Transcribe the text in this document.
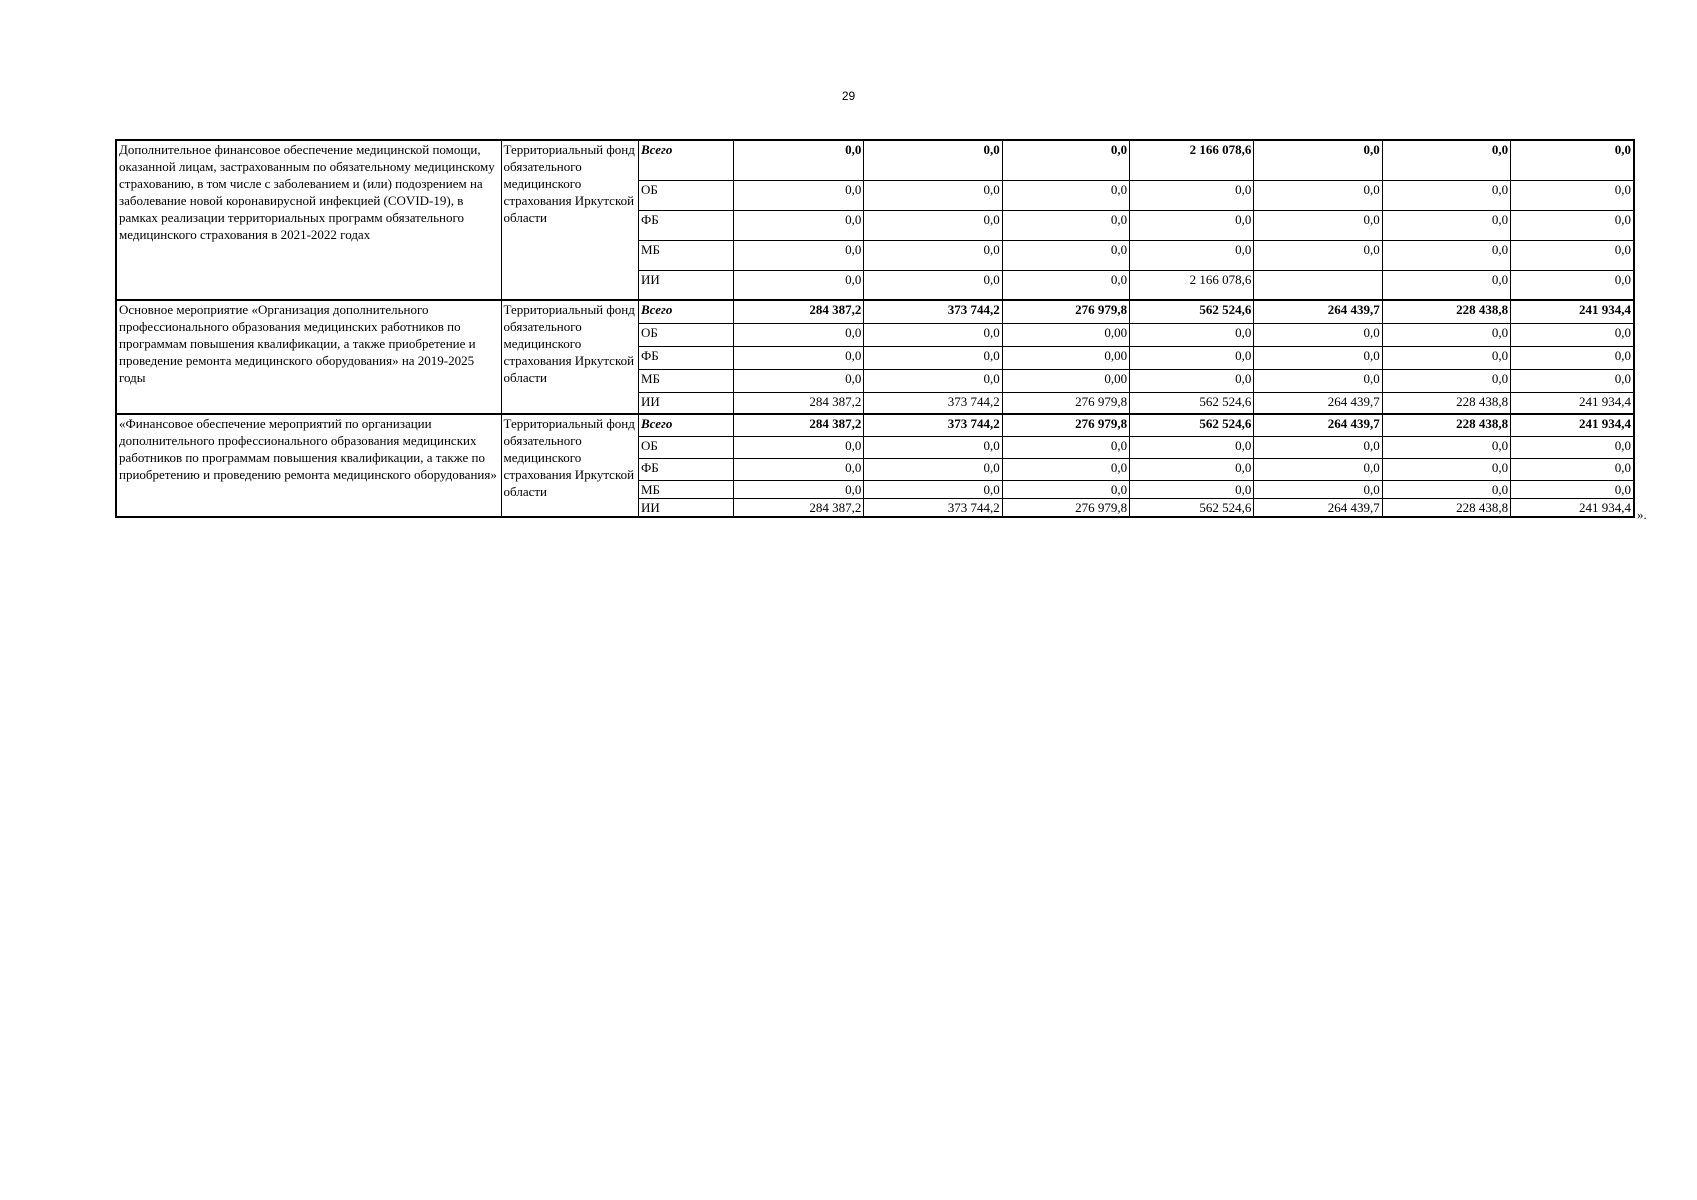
29
Дополнительное финансовое обеспечение медицинской помощи, оказанной лицам, застрахованным по обязательному медицинскому страхованию, в том числе с заболеванием и (или) подозрением на заболевание новой коронавирусной инфекцией (COVID-19), в рамках реализации территориальных программ обязательного медицинского страхования в 2021-2022 годах	Территориальный фонд обязательного медицинского страхования Иркутской области	Всего	0,0	0,0	0,0	2 166 078,6	0,0	0,0	0,0
		ОБ	0,0	0,0	0,0	0,0	0,0	0,0	0,0
		ФБ	0,0	0,0	0,0	0,0	0,0	0,0	0,0
		МБ	0,0	0,0	0,0	0,0	0,0	0,0	0,0
		ИИ	0,0	0,0	0,0	2 166 078,6		0,0	0,0
Основное мероприятие «Организация дополнительного профессионального образования медицинских работников по программам повышения квалификации, а также приобретение и проведение ремонта медицинского оборудования» на 2019-2025 годы	Территориальный фонд обязательного медицинского страхования Иркутской области	Всего	284 387,2	373 744,2	276 979,8	562 524,6	264 439,7	228 438,8	241 934,4
		ОБ	0,0	0,0	0,00	0,0	0,0	0,0	0,0
		ФБ	0,0	0,0	0,00	0,0	0,0	0,0	0,0
		МБ	0,0	0,0	0,00	0,0	0,0	0,0	0,0
		ИИ	284 387,2	373 744,2	276 979,8	562 524,6	264 439,7	228 438,8	241 934,4
«Финансовое обеспечение мероприятий по организации дополнительного профессионального образования медицинских работников по программам повышения квалификации, а также по приобретению и проведению ремонта медицинского оборудования»	Территориальный фонд обязательного медицинского страхования Иркутской области	Всего	284 387,2	373 744,2	276 979,8	562 524,6	264 439,7	228 438,8	241 934,4
		ОБ	0,0	0,0	0,0	0,0	0,0	0,0	0,0
		ФБ	0,0	0,0	0,0	0,0	0,0	0,0	0,0
		МБ	0,0	0,0	0,0	0,0	0,0	0,0	0,0
		ИИ	284 387,2	373 744,2	276 979,8	562 524,6	264 439,7	228 438,8	241 934,4 ».
